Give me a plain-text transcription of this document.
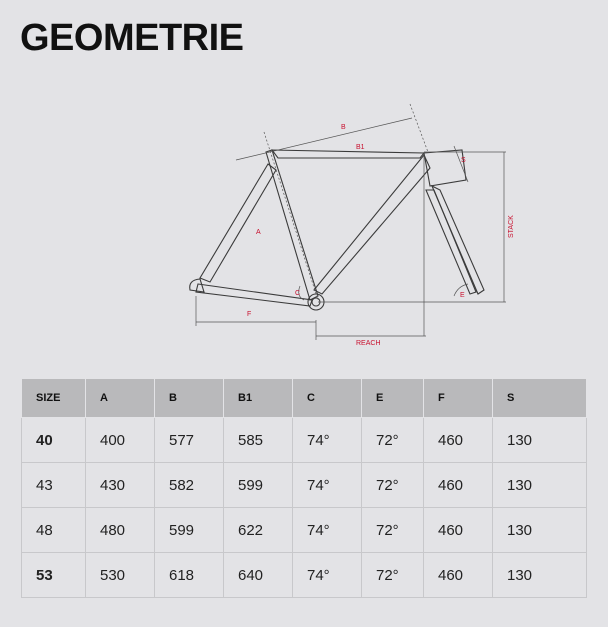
GEOMETRIE
B
B1
A
C
F
S
E
REACH
STACK
SIZE	A	B	B1	C	E	F	S
40	400	577	585	74°	72°	460	130
43	430	582	599	74°	72°	460	130
48	480	599	622	74°	72°	460	130
53	530	618	640	74°	72°	460	130
